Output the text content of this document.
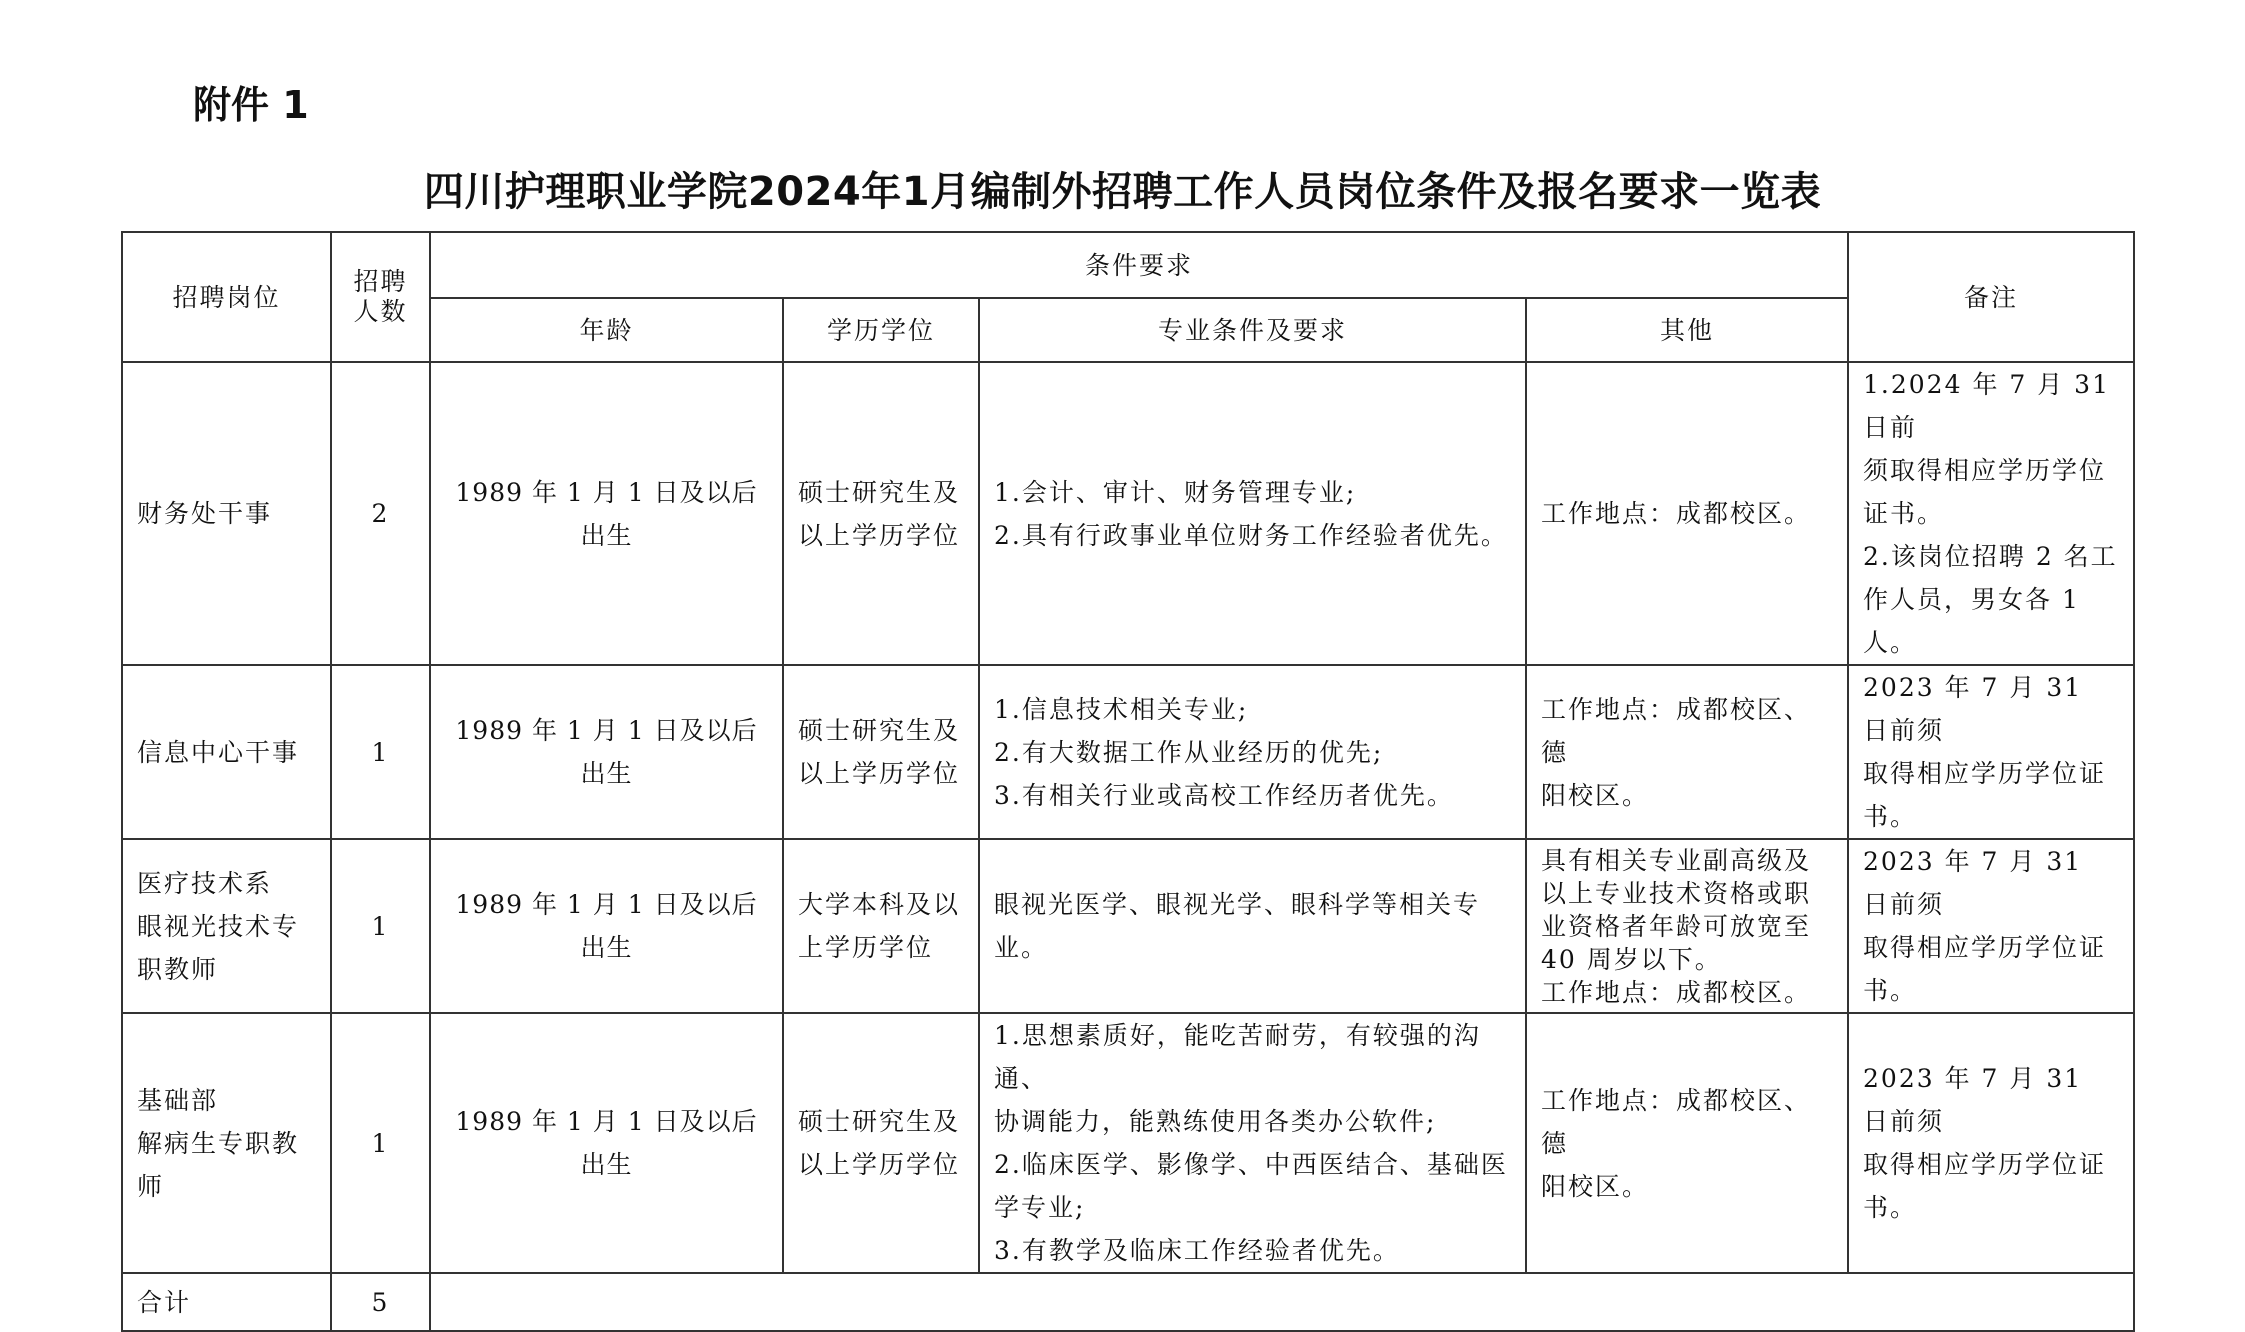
附件 1
四川护理职业学院2024年1月编制外招聘工作人员岗位条件及报名要求一览表
招聘岗位	招聘人数	条件要求				备注
		年龄	学历学位	专业条件及要求	其他	

财务处干事	2	1989 年 1 月 1 日及以后出生	硕士研究生及
以上学历学位	1.会计、审计、财务管理专业;
2.具有行政事业单位财务工作经验者优先。	工作地点：成都校区。	1.2024 年 7 月 31 日前
须取得相应学历学位
证书。
2.该岗位招聘 2 名工
作人员，男女各 1 人。

信息中心干事	1	1989 年 1 月 1 日及以后出生	硕士研究生及
以上学历学位	1.信息技术相关专业;
2.有大数据工作从业经历的优先;
3.有相关行业或高校工作经历者优先。	工作地点：成都校区、德
阳校区。	2023 年 7 月 31 日前须
取得相应学历学位证
书。

医疗技术系
眼视光技术专
职教师	1	1989 年 1 月 1 日及以后出生	大学本科及以
上学历学位	眼视光医学、眼视光学、眼科学等相关专业。	具有相关专业副高级及
以上专业技术资格或职
业资格者年龄可放宽至
40 周岁以下。
工作地点：成都校区。	2023 年 7 月 31 日前须
取得相应学历学位证
书。

基础部
解病生专职教
师	1	1989 年 1 月 1 日及以后出生	硕士研究生及
以上学历学位	1.思想素质好，能吃苦耐劳，有较强的沟通、
协调能力，能熟练使用各类办公软件;
2.临床医学、影像学、中西医结合、基础医
学专业;
3.有教学及临床工作经验者优先。	工作地点：成都校区、德
阳校区。	2023 年 7 月 31 日前须
取得相应学历学位证
书。

合计	5					
